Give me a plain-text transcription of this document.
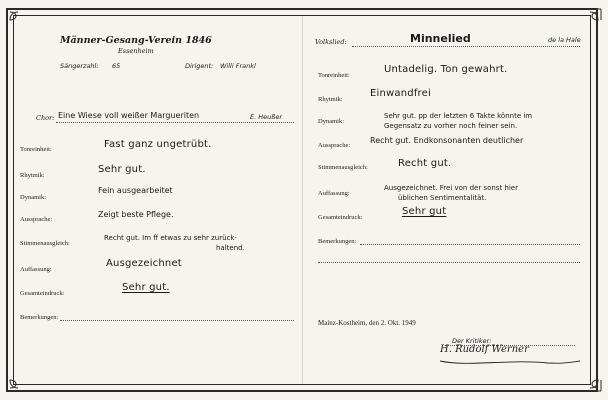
Männer-Gesang-Verein 1846
Essenheim
Sängerzahl: 65	Dirigent: Willi Frankl
Chor: Eine Wiese voll weißer Margueriten	E. Heußer
Tonreinheit:	Fast ganz ungetrübt.
Rhytmik:
Sehr gut.
Dynamik:
Fein ausgearbeitet
Aussprache:
Zeigt beste Pflege.
Stimmenausgleich:
Recht gut. Im ff etwas zu sehr zurück-
haltend.
Auffassung:
Ausgezeichnet
Gesamteindruck:
Sehr gut.
Bemerkungen:
Volkslied:	Minnelied	de la Hale
Tonreinheit:
Untadelig. Ton gewahrt.
Rhytmik:
Einwandfrei
Dynamik:
Sehr gut. pp der letzten 6 Takte könnte im
Gegensatz zu vorher noch feiner sein.
Aussprache:
Recht gut. Endkonsonanten deutlicher
Stimmenausgleich:	Recht gut.
Auffassung:
Ausgezeichnet. Frei von der sonst hier
üblichen Sentimentalität.
Gesamteindruck:
Sehr gut
Bemerkungen:
Mainz-Kostheim, den 2. Okt. 1949
Der Kritiker:
H. Rudolf Werner
